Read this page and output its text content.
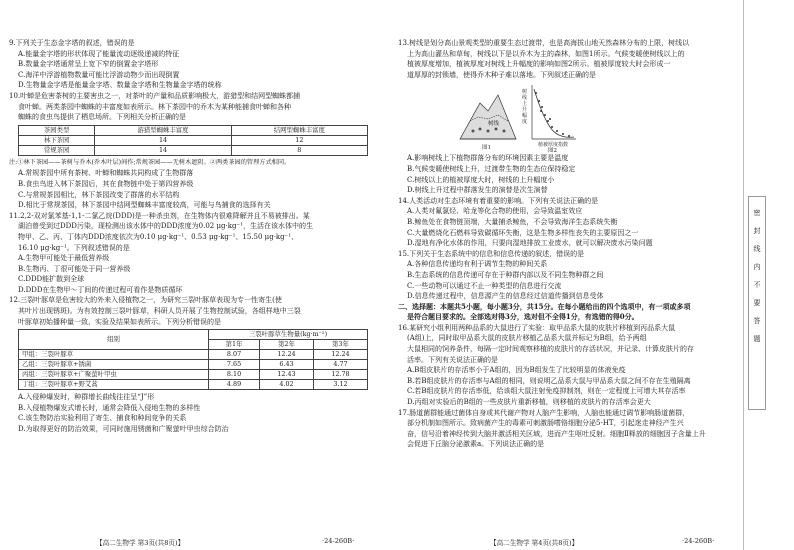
9.下列关于生态金字塔的叙述，错误的是
A.能量金字塔的形状体现了能量流动逐级递减的特征
B.数量金字塔通常呈上宽下窄的倒置金字塔形
C.海洋中浮游植物数量可能比浮游动物少而出现倒置
D.生物量金字塔是能量金字塔、数量金字塔和生物量金字塔的统称
10.叶蝉是危害茶树的主要害虫之一，对茶叶的产量和品质影响极大，游猎型和结网型蜘蛛都捕
食叶蝉。两类茶园中蜘蛛的丰富度如表所示。林下茶园中的乔木为某种能捕食叶蝉和各种
蜘蛛的食虫鸟提供了栖息场所。下列相关分析正确的是
茶园类型	游猎型蜘蛛丰富度	结网型蜘蛛丰富度
林下茶园	14	12
常规茶园	14	8
注:①林下茶园——茶树与乔木(乔木叶层)间作;常规茶园——无树木遮阴。②两类茶园的管理方式相同。
A.常规茶园中所有茶树、叶蝉和蜘蛛共同构成了生物群落
B.食虫鸟进入林下茶园后，其在食物链中处于第四营养级
C.与常规茶园相比，林下茶园改变了群落的水平结构
D.相比于常规茶园，林下茶园中结网型蜘蛛丰富度较高，可能与鸟捕食的选择有关
11.2,2-双对氯苯基-1,1-二氯乙烷(DDD)是一种杀虫剂，在生物体内很难降解并且不易被排出。某
湖泊曾受到过DDD污染，现检测出该水体中的DDD浓度为0.02 μg·kg⁻¹，生活在该水体中的生
物甲、乙、丙、丁体内DDD浓度依次为0.10 μg·kg⁻¹、0.53 μg·kg⁻¹、15.50 μg·kg⁻¹、
16.10 μg·kg⁻¹。下列叙述错误的是
A.生物甲可能处于最低营养级
B.生物丙、丁很可能处于同一营养级
C.DDD能扩散到全球
D.DDD在生物甲～丁间的传递过程可看作是物质循环
12.三裂叶豚草是危害较大的外来入侵植物之一，为研究三裂叶豚草表现为专一性寄生(使
其叶片出现锈斑)。为有效控制三裂叶豚草，科研人员开展了生物控制试验，各组样地中三裂
叶豚草初始播种量一致，实验及结果如表所示。下列分析错误的是
组别	三裂叶豚草生物量(kg·m⁻²)		
	第1年	第2年	第3年
甲组：三裂叶豚草	8.07	12.24	12.24
乙组：三裂叶豚草+锈菌	7.65	6.43	4.77
丙组：三裂叶豚草+广聚萤叶甲虫	8.10	12.43	12.78
丁组：三裂叶豚草+野艾蒿	4.89	4.02	3.12
A.入侵种爆发时，种群增长曲线往往呈“J”形
B.入侵植物爆发式增长时，通常会降低入侵地生物的多样性
C.该生物防治实验利用了寄生、捕食和种间竞争的关系
D.为取得更好的防治效果，可同时施用锈菌和广聚萤叶甲虫综合防治
【高二生物学 第3页(共8页)】	·24-260B·
13.树线是划分高山景观类型的重要生态过渡带，也是高海拔山地天然森林分布的上限，树线以
上为高山灌丛和草甸，树线以下是以乔木为主的森林，如图1所示。气候变暖使树线以上的
植被厚度增加，植被厚度对树线上升幅度的影响如图2所示。植被厚度较大时会形成一
道厚厚的封锁墙，使得乔木种子难以落地。下列叙述正确的是
树线
树线上升幅度
植被厚度指数
图1	图2
A.影响树线上下植物群落分布的环境因素主要是温度
B.气候变暖使树线上升，过渡带生物的生态位保持稳定
C.树线以上的植被厚度大时，树线的上升幅度小
D.树线上升过程中群落发生的演替是次生演替
14.人类活动对生态环境有着重要的影响。下列有关说法正确的是
A.人类对氟氯烃、哈龙等化合物的使用，会导致温室效应
B.鲸鱼处在食物链顶端，大量捕杀鲸鱼，不会导致海洋生态系统失衡
C.大量燃烧化石燃料导致碳循环失衡，这是生物多样性丧失的主要原因之一
D.湿地有净化水体的作用，只要向湿地排放工业废水，就可以解决废水污染问题
15.下列关于生态系统中的信息和信息传递的叙述，错误的是
A.各种信息传递均有利于调节生物的种间关系
B.生态系统的信息传递可存在于种群内部以及不同生物种群之间
C.一些动物可以通过不止一种类型的信息进行交流
D.信息传递过程中，信息源产生的信息经过信道传播到信息受体
二、选择题：本题共5小题，每小题3分，共15分。在每小题给出的四个选项中，有一项或多项
是符合题目要求的。全部选对得3分，选对但不全得1分，有选错的得0分。
16.某研究小组利用两种品系的大鼠进行了实验：取甲品系大鼠的皮肤片移植到丙品系大鼠
(A组)上，同时取甲品系大鼠的皮肤片移植乙品系大鼠并标记为B组，给予两组
大鼠相同的饲养条件，每隔一定时间观察移植的皮肤片的存活状况，并记录、计算皮肤片的存
活率。下列有关说法正确的是
A.B组皮肤片的存活率小于A组的，因为B组发生了比较明显的体液免疫
B.若B组皮肤片的存活率与A组的相同，则说明乙品系大鼠与甲品系大鼠之间不存在生殖隔离
C.若B组皮肤片的存活率低，给该组大鼠注射免疫抑制剂，则在一定程度上可增大其存活率
D.丙组对实验后的B组的一些皮肤片重新移植，则移植的皮肤片的存活率会更大
17.肠道菌群能通过菌体自身或其代谢产物对人脑产生影响，人脑也能通过调节影响肠道菌群，
部分机制如图所示。致病菌产生的毒素可刺激肠嗜铬细胞分泌5-HT，引起迷走神经产生兴
奋，信号沿着神经传到大脑并激活相关区域，进而产生呕吐反射。细胞Ⅱ释放的细胞因子含量上升
会促进下丘脑分泌激素a。下列说法正确的是
【高二生物学 第4页(共8页)】	·24-260B·
密
封
线
内
不
要
答
题
